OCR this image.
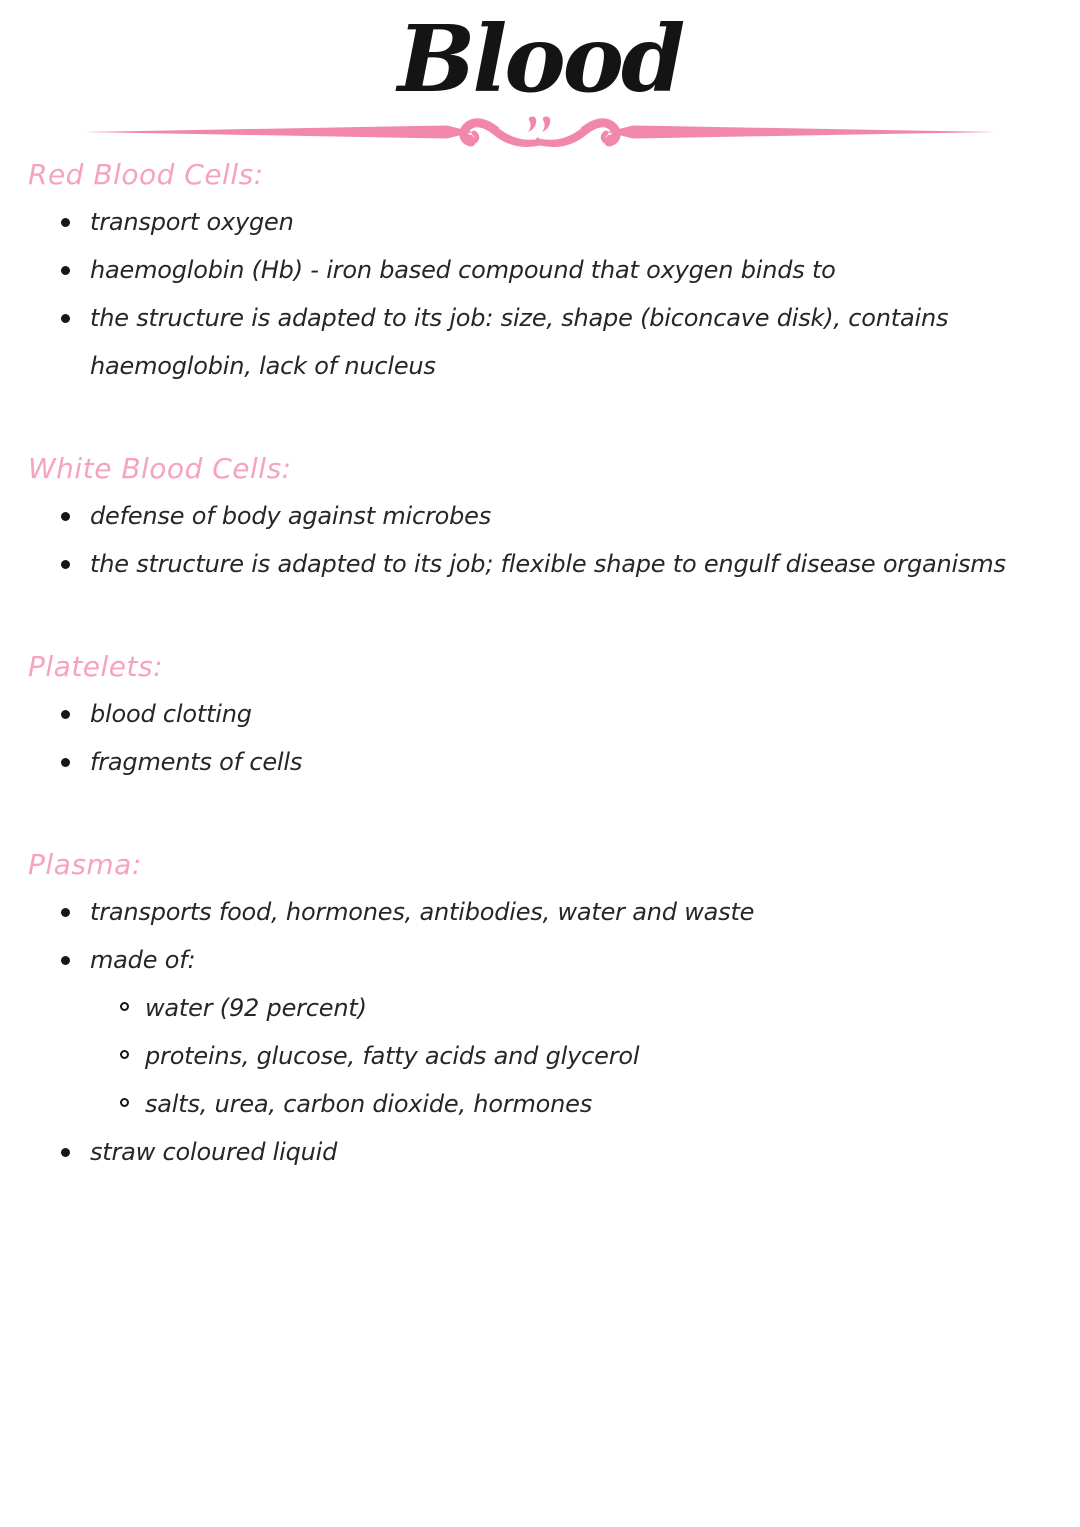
Blood
Red Blood Cells:
transport oxygen
haemoglobin (Hb) - iron based compound that oxygen binds to
the structure is adapted to its job: size, shape (biconcave disk), contains haemoglobin, lack of nucleus
White Blood Cells:
defense of body against microbes
the structure is adapted to its job; flexible shape to engulf disease organisms
Platelets:
blood clotting
fragments of cells
Plasma:
transports food, hormones, antibodies, water and waste
made of:
water (92 percent)
proteins, glucose, fatty acids and glycerol
salts, urea, carbon dioxide, hormones
straw coloured liquid
